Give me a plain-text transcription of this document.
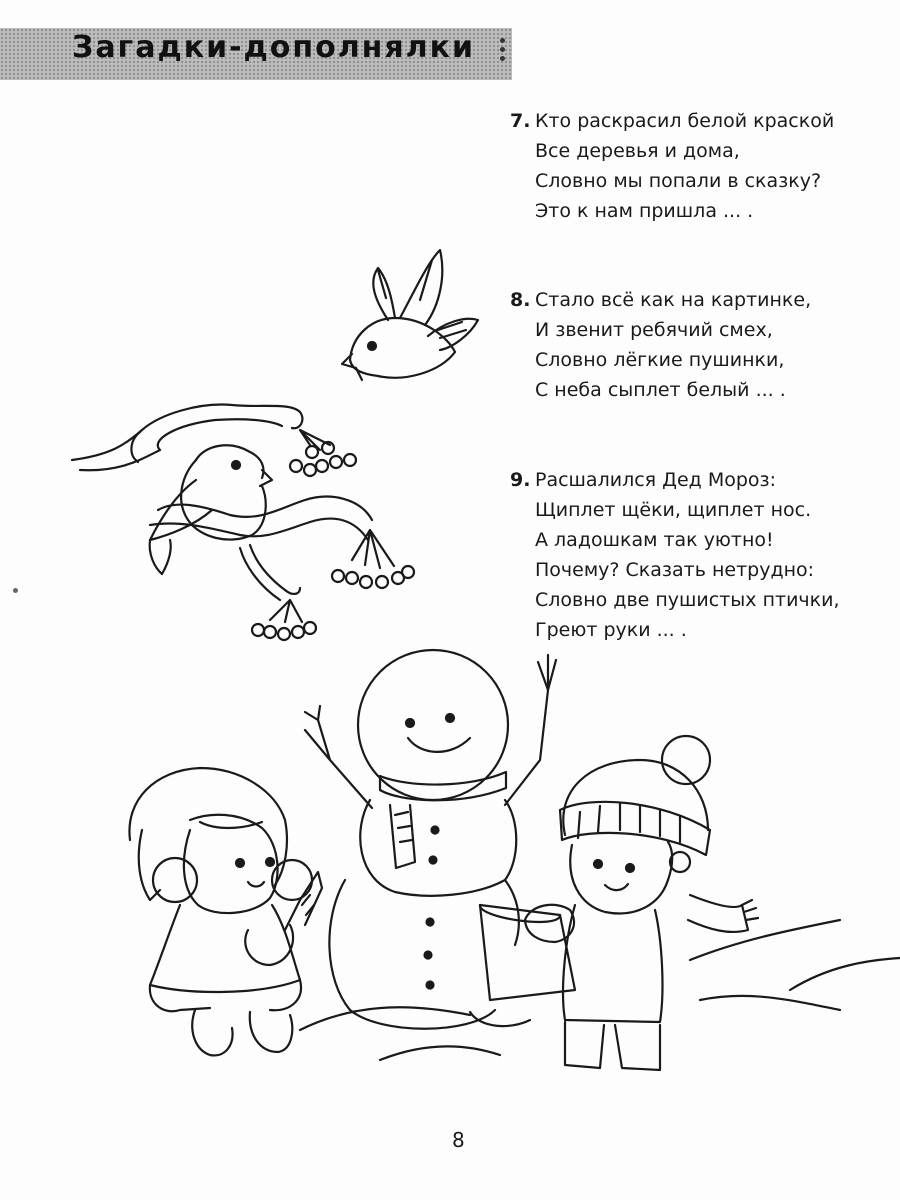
Загадки-дополнялки
7. Кто раскрасил белой краской
Все деревья и дома,
Словно мы попали в сказку?
Это к нам пришла ... .
8. Стало всё как на картинке,
И звенит ребячий смех,
Словно лёгкие пушинки,
С неба сыплет белый ... .
9. Расшалился Дед Мороз:
Щиплет щёки, щиплет нос.
А ладошкам так уютно!
Почему? Сказать нетрудно:
Словно две пушистых птички,
Греют руки ... .
8
